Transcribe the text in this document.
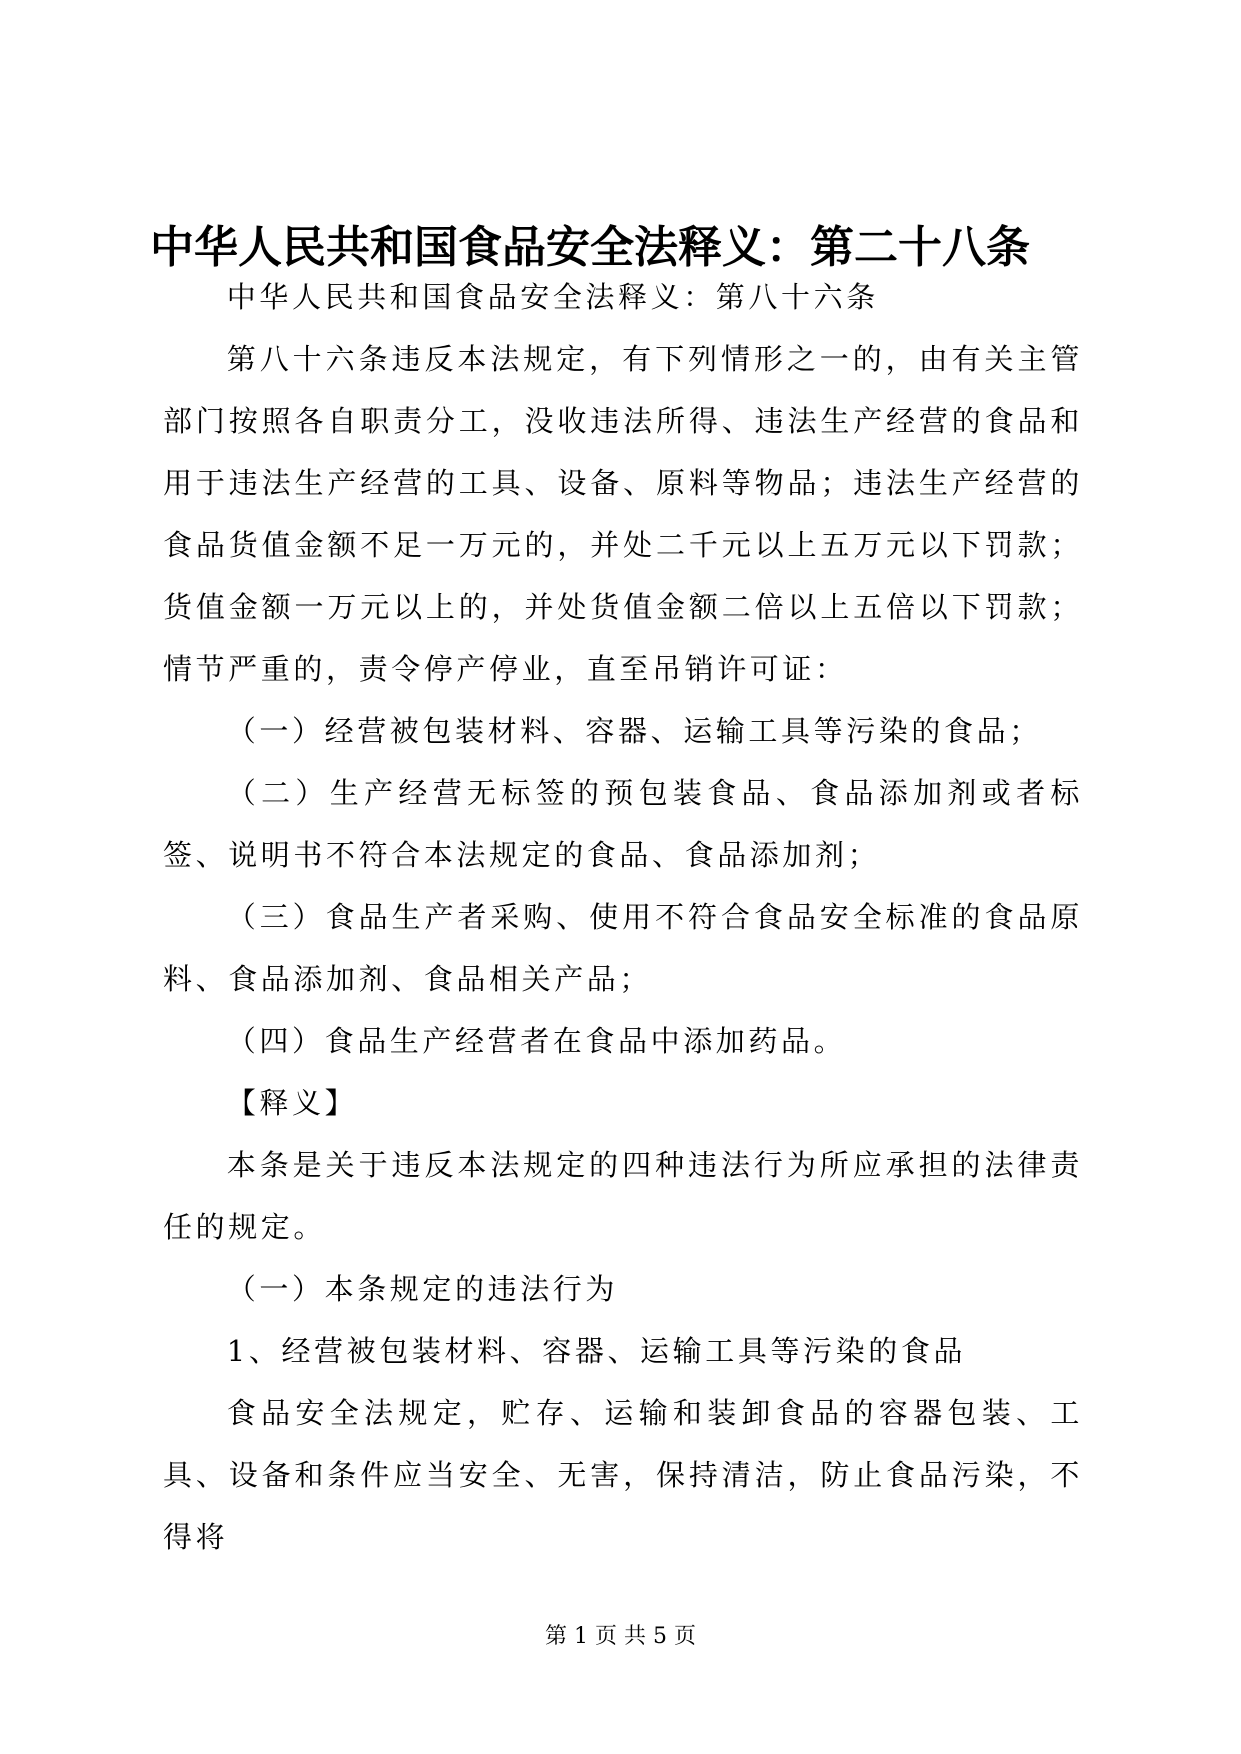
中华人民共和国食品安全法释义：第二十八条

中华人民共和国食品安全法释义：第八十六条

第八十六条违反本法规定，有下列情形之一的，由有关主管部门按照各自职责分工，没收违法所得、违法生产经营的食品和用于违法生产经营的工具、设备、原料等物品；违法生产经营的食品货值金额不足一万元的，并处二千元以上五万元以下罚款；货值金额一万元以上的，并处货值金额二倍以上五倍以下罚款；情节严重的，责令停产停业，直至吊销许可证：

（一）经营被包装材料、容器、运输工具等污染的食品；

（二）生产经营无标签的预包装食品、食品添加剂或者标签、说明书不符合本法规定的食品、食品添加剂；

（三）食品生产者采购、使用不符合食品安全标准的食品原料、食品添加剂、食品相关产品；

（四）食品生产经营者在食品中添加药品。

【释义】

本条是关于违反本法规定的四种违法行为所应承担的法律责任的规定。

（一）本条规定的违法行为

1、经营被包装材料、容器、运输工具等污染的食品

食品安全法规定，贮存、运输和装卸食品的容器包装、工具、设备和条件应当安全、无害，保持清洁，防止食品污染，不得将

第 1 页 共 5 页
